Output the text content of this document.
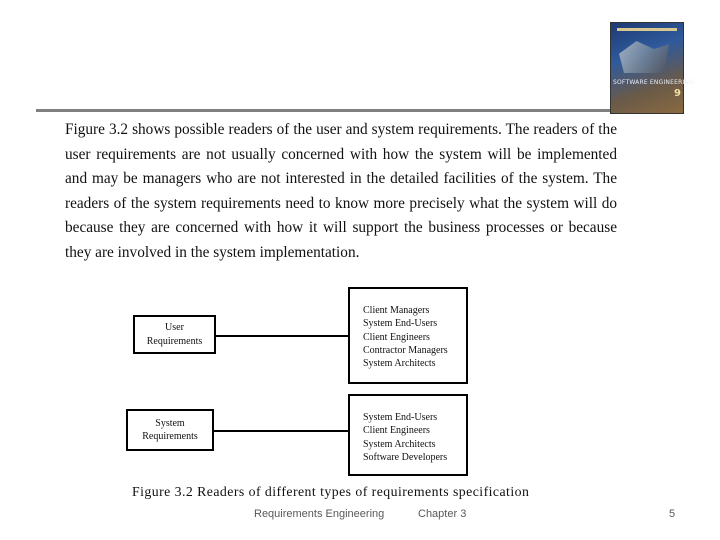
SOFTWARE ENGINEERING
9

Figure 3.2 shows possible readers of the user and system requirements. The readers of the user requirements are not usually concerned with how the system will be implemented and may be managers who are not interested in the detailed facilities of the system. The readers of the system requirements need to know more precisely what the system will do because they are concerned with how it will support the business processes or because they are involved in the system implementation.

User
Requirements
Client Managers
System End-Users
Client Engineers
Contractor Managers
System Architects
System
Requirements
System End-Users
Client Engineers
System Architects
Software Developers
Figure 3.2 Readers of different types of requirements specification
Requirements Engineering	Chapter 3	5
